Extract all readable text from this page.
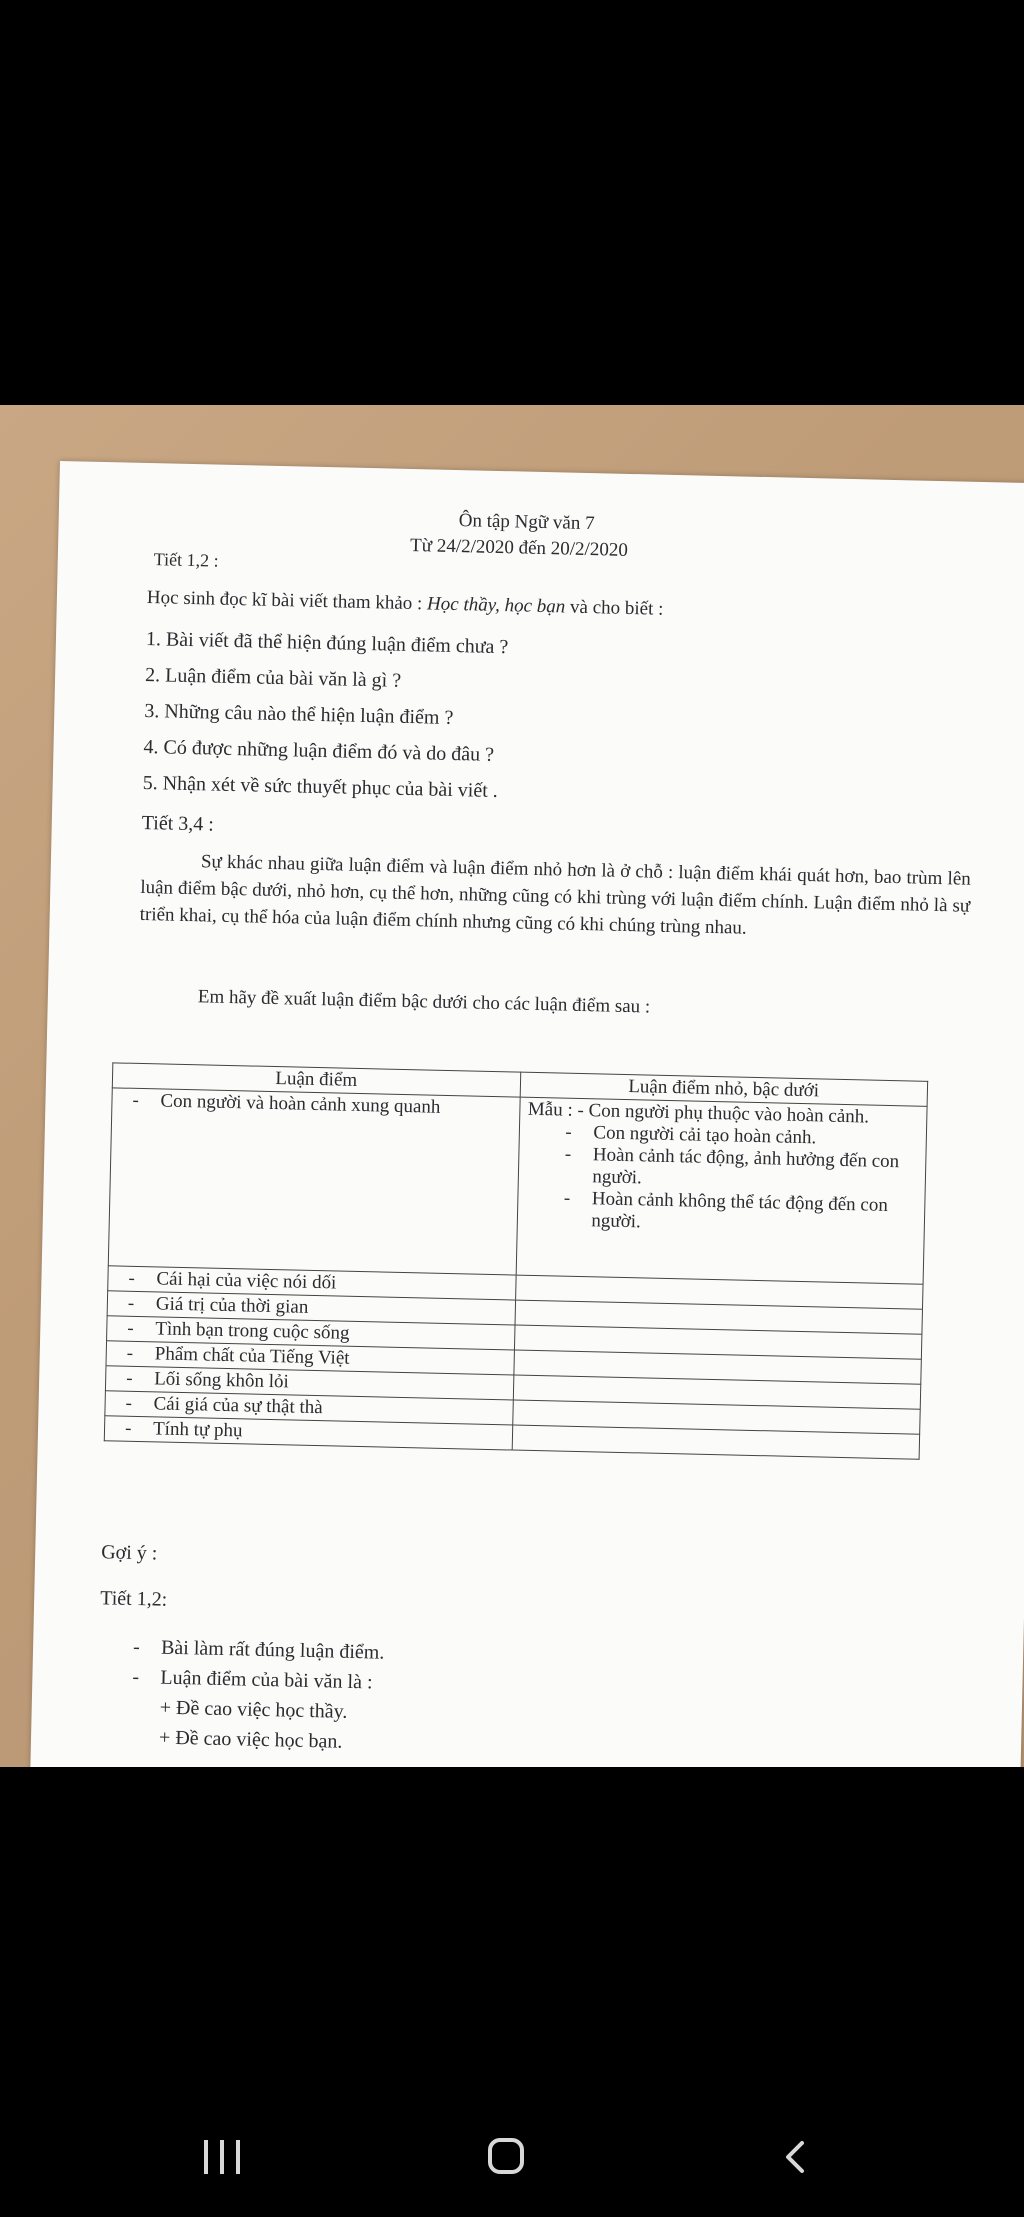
Ôn tập Ngữ văn 7
Từ 24/2/2020 đến 20/2/2020
Tiết 1,2 :
Học sinh đọc kĩ bài viết tham khảo : Học thầy, học bạn và cho biết :
1. Bài viết đã thể hiện đúng luận điểm chưa ?
2. Luận điểm của bài văn là gì ?
3. Những câu nào thể hiện luận điểm ?
4. Có được những luận điểm đó và do đâu ?
5. Nhận xét về sức thuyết phục của bài viết .
Tiết 3,4 :
Sự khác nhau giữa luận điểm và luận điểm nhỏ hơn là ở chỗ : luận điểm khái quát hơn, bao trùm lên luận điểm bậc dưới, nhỏ hơn, cụ thể hơn, những cũng có khi trùng với luận điểm chính. Luận điểm nhỏ là sự triển khai, cụ thể hóa của luận điểm chính nhưng cũng có khi chúng trùng nhau.
Em hãy đề xuất luận điểm bậc dưới cho các luận điểm sau :
Luận điểm	Luận điểm nhỏ, bậc dưới
- Con người và hoàn cảnh xung quanh	Mẫu : - Con người phụ thuộc vào hoàn cảnh.
- Con người cải tạo hoàn cảnh.
- Hoàn cảnh tác động, ảnh hưởng đến con người.
- Hoàn cảnh không thể tác động đến con người.

- Cái hại của việc nói dối	
- Giá trị của thời gian	
- Tình bạn trong cuộc sống	
- Phẩm chất của Tiếng Việt	
- Lối sống khôn lỏi	
- Cái giá của sự thật thà	
- Tính tự phụ	
Gợi ý :
Tiết 1,2:
- Bài làm rất đúng luận điểm.
- Luận điểm của bài văn là :
+ Đề cao việc học thầy.
+ Đề cao việc học bạn.
